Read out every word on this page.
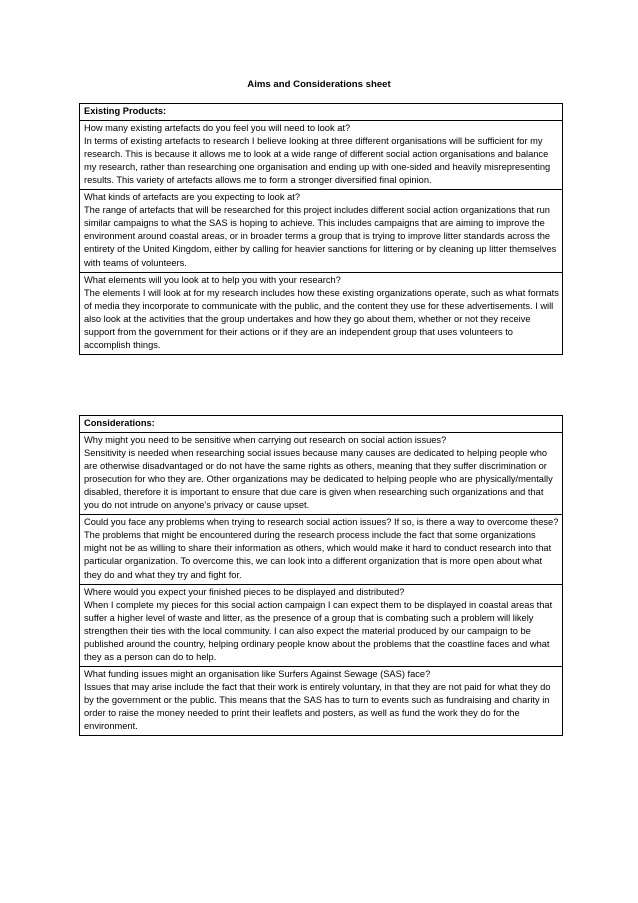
Aims and Considerations sheet
Existing Products:

How many existing artefacts do you feel you will need to look at?
In terms of existing artefacts to research I believe looking at three different organisations will be sufficient for my research. This is because it allows me to look at a wide range of different social action organisations and balance my research, rather than researching one organisation and ending up with one-sided and heavily misrepresenting results. This variety of artefacts allows me to form a stronger diversified final opinion.

What kinds of artefacts are you expecting to look at?
The range of artefacts that will be researched for this project includes different social action organizations that run similar campaigns to what the SAS is hoping to achieve. This includes campaigns that are aiming to improve the environment around coastal areas, or in broader terms a group that is trying to improve litter standards across the entirety of the United Kingdom, either by calling for heavier sanctions for littering or by cleaning up litter themselves with teams of volunteers.

What elements will you look at to help you with your research?
The elements I will look at for my research includes how these existing organizations operate, such as what formats of media they incorporate to communicate with the public, and the content they use for these advertisements. I will also look at the activities that the group undertakes and how they go about them, whether or not they receive support from the government for their actions or if they are an independent group that uses volunteers to accomplish things.
Considerations:

Why might you need to be sensitive when carrying out research on social action issues?
Sensitivity is needed when researching social issues because many causes are dedicated to helping people who are otherwise disadvantaged or do not have the same rights as others, meaning that they suffer discrimination or prosecution for who they are. Other organizations may be dedicated to helping people who are physically/mentally disabled, therefore it is important to ensure that due care is given when researching such organizations and that you do not intrude on anyone’s privacy or cause upset.

Could you face any problems when trying to research social action issues? If so, is there a way to overcome these?
The problems that might be encountered during the research process include the fact that some organizations might not be as willing to share their information as others, which would make it hard to conduct research into that particular organization. To overcome this, we can look into a different organization that is more open about what they do and what they try and fight for.

Where would you expect your finished pieces to be displayed and distributed?
When I complete my pieces for this social action campaign I can expect them to be displayed in coastal areas that suffer a higher level of waste and litter, as the presence of a group that is combating such a problem will likely strengthen their ties with the local community. I can also expect the material produced by our campaign to be published around the country, helping ordinary people know about the problems that the coastline faces and what they as a person can do to help.

What funding issues might an organisation like Surfers Against Sewage (SAS) face?
Issues that may arise include the fact that their work is entirely voluntary, in that they are not paid for what they do by the government or the public. This means that the SAS has to turn to events such as fundraising and charity in order to raise the money needed to print their leaflets and posters, as well as fund the work they do for the environment.
